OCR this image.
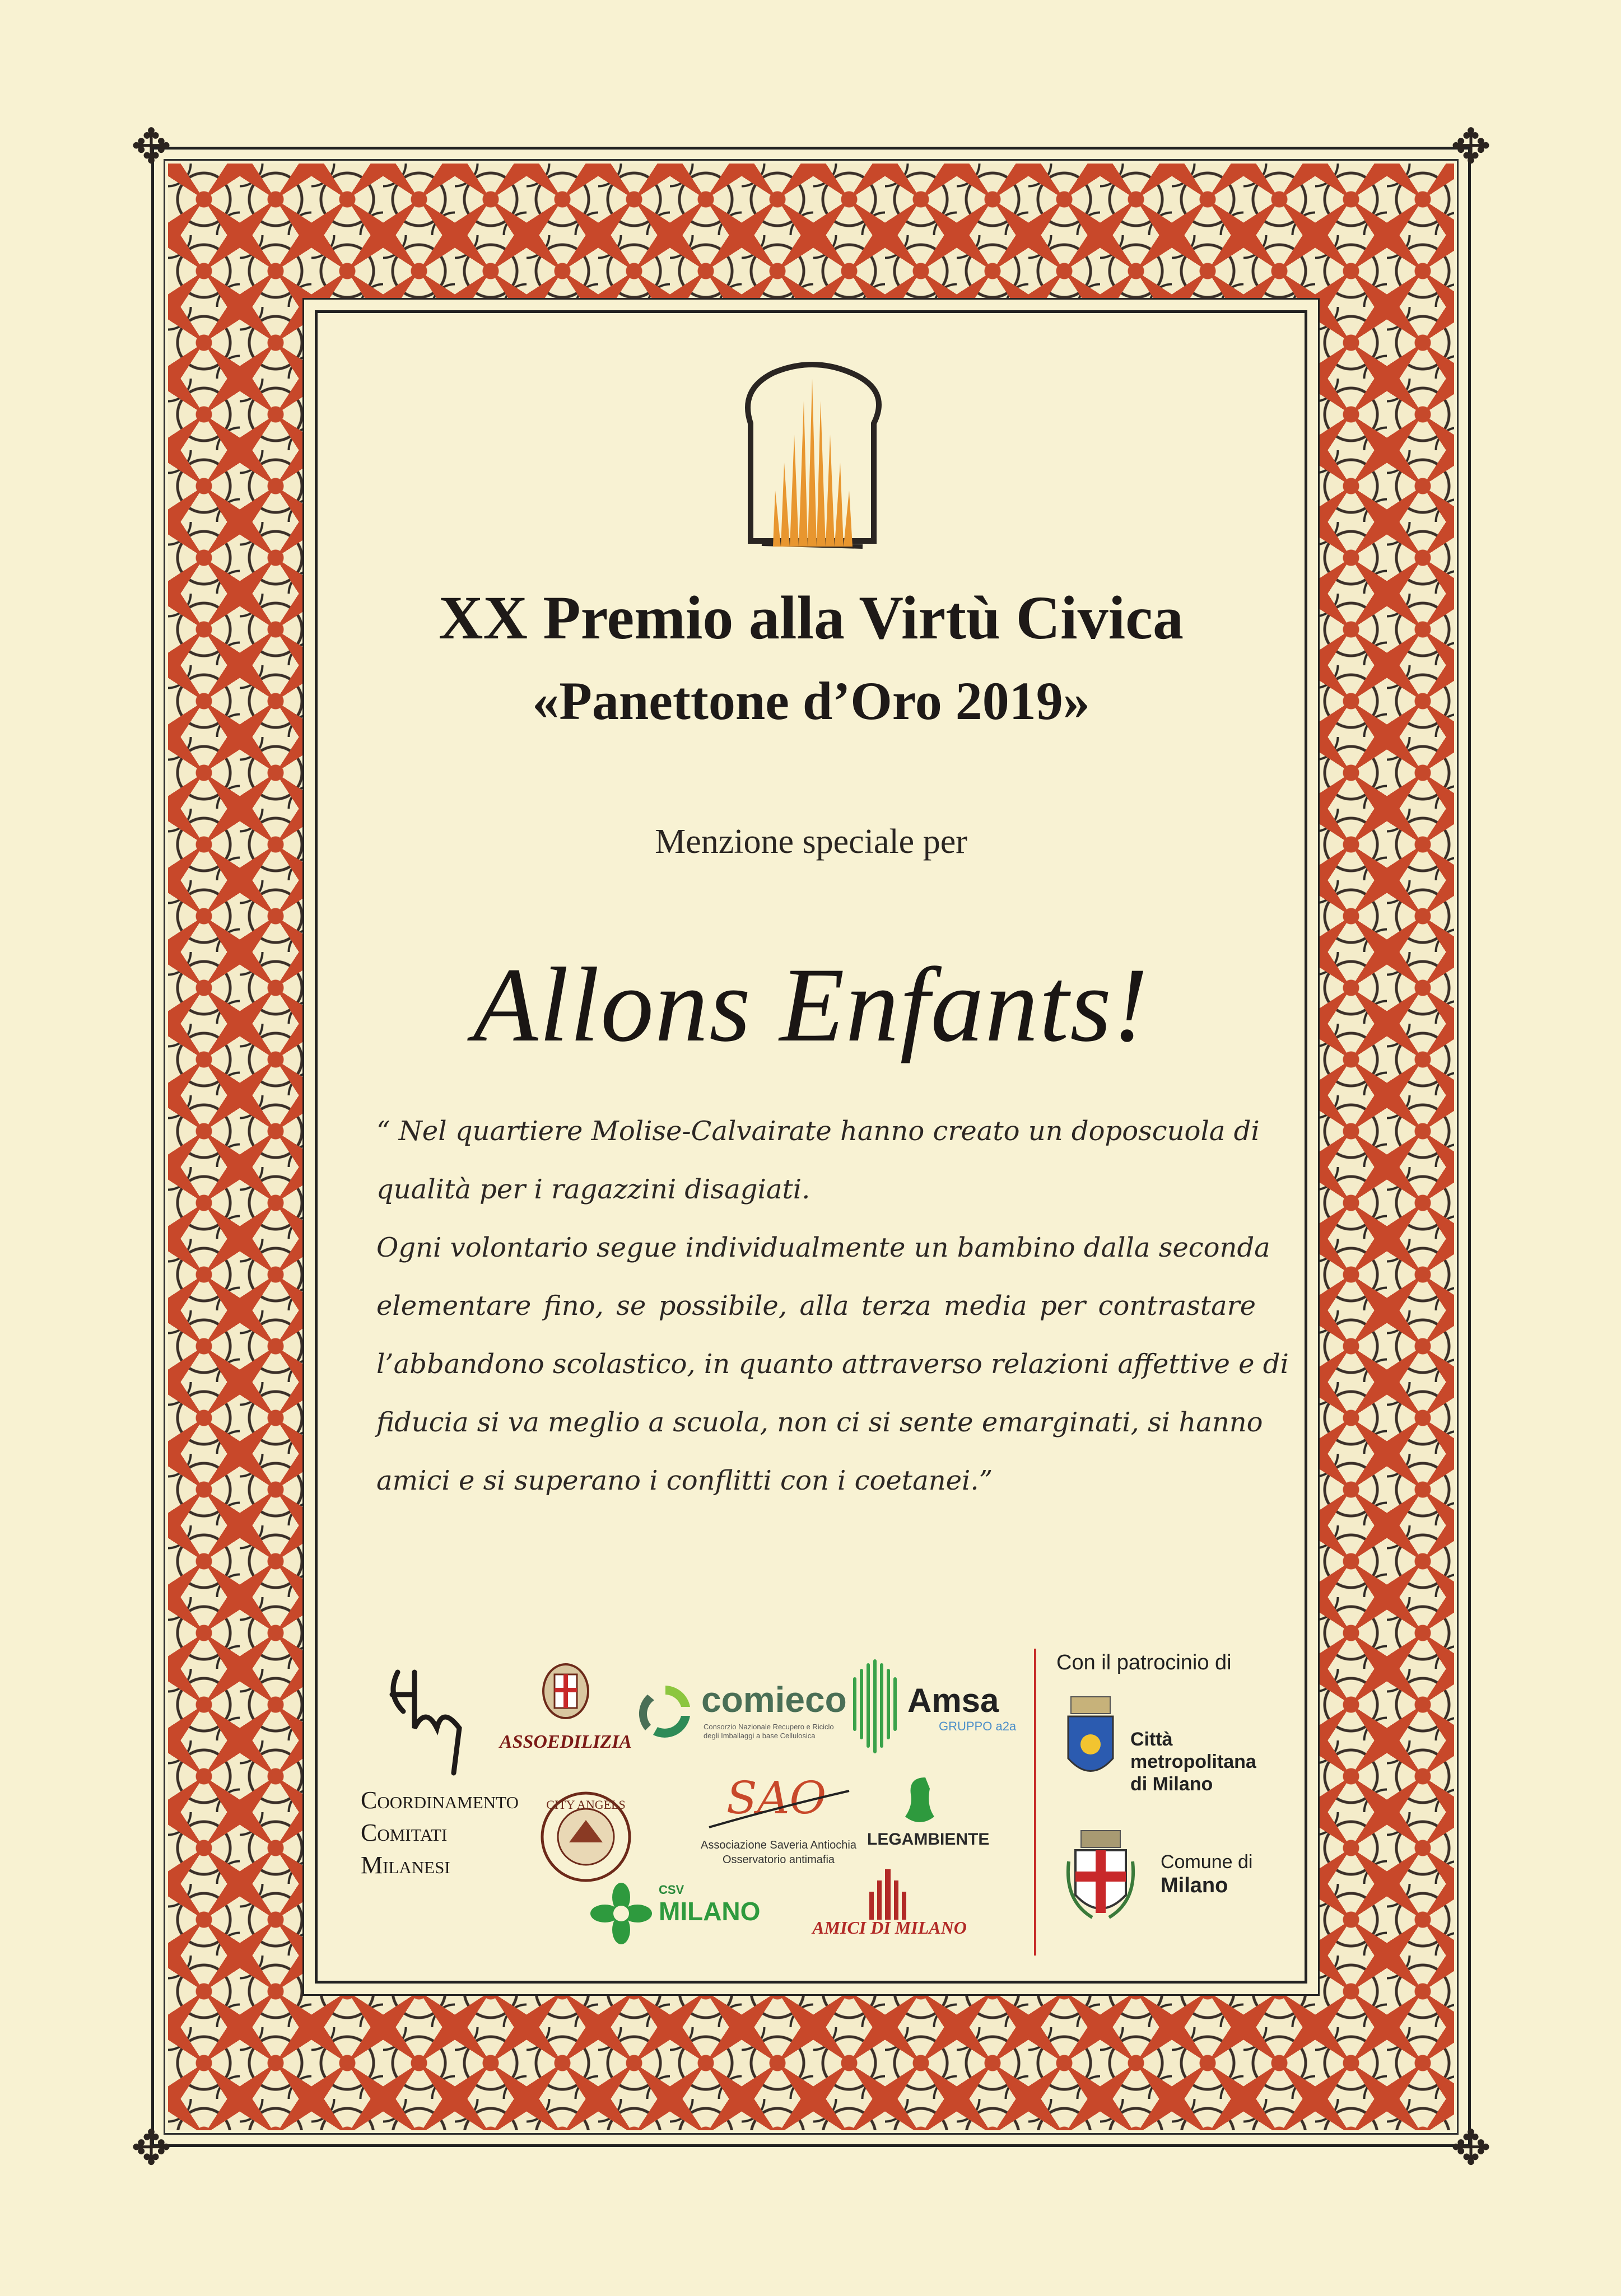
✥	✥
✥	✥
XX Premio alla Virtù Civica
«Panettone d’Oro 2019»
Menzione speciale per
Allons Enfants!
“ Nel quartiere Molise-Calvairate hanno creato un doposcuola di
qualità per i ragazzini disagiati.
Ogni volontario segue individualmente un bambino dalla seconda
elementare fino, se possibile, alla terza media per contrastare
l’abbandono scolastico, in quanto attraverso relazioni affettive e di
fiducia si va meglio a scuola, non ci si sente emarginati, si hanno
amici e si superano i conflitti con i coetanei.”
Coordinamento
Comitati
Milanesi
ASSOEDILIZIA
CITY ANGELS
comieco
Consorzio Nazionale Recupero e Riciclo degli Imballaggi a base Cellulosica
Amsa
GRUPPO a2a
SAO
Associazione Saveria Antiochia
Osservatorio antimafia
LEGAMBIENTE
CSV
MILANO
AMICI DI MILANO
Con il patrocinio di
Città
metropolitana
di Milano
Comune di
Milano
